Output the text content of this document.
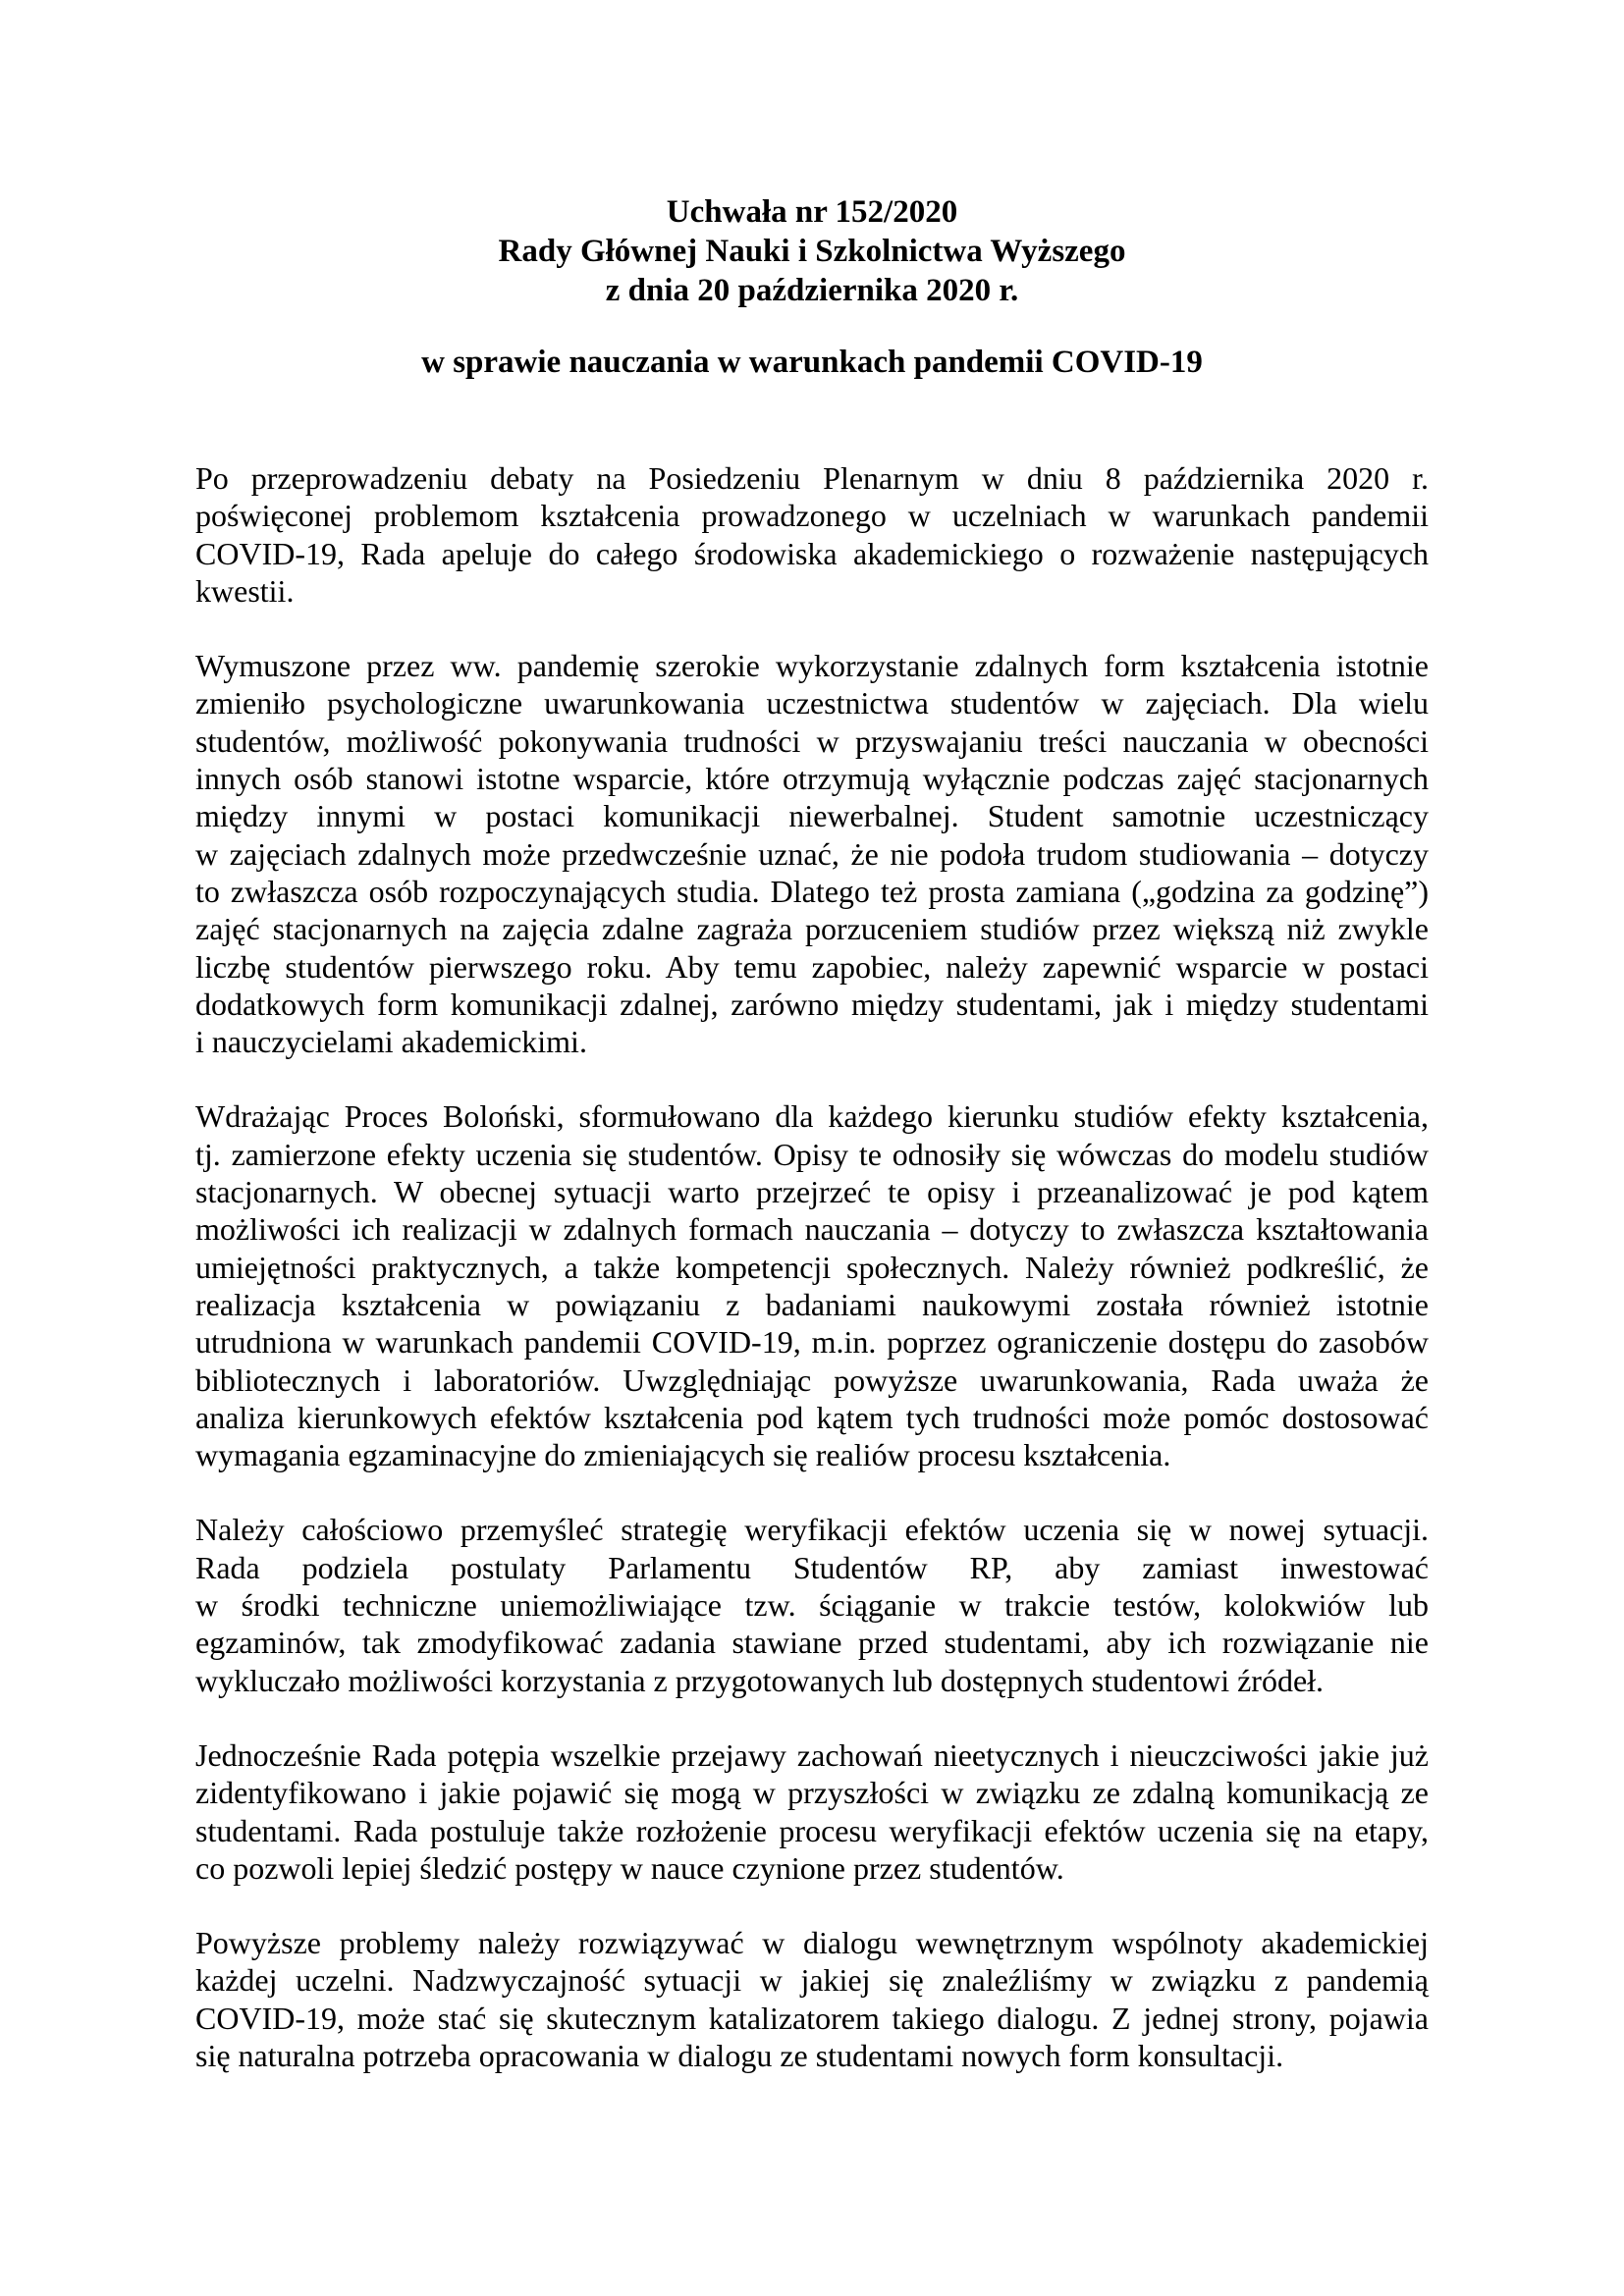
Uchwała nr 152/2020
Rady Głównej Nauki i Szkolnictwa Wyższego
z dnia 20 października 2020 r.
w sprawie nauczania w warunkach pandemii COVID-19
Po przeprowadzeniu debaty na Posiedzeniu Plenarnym w dniu 8 października 2020 r.
poświęconej problemom kształcenia prowadzonego w uczelniach w warunkach pandemii
COVID-19, Rada apeluje do całego środowiska akademickiego o rozważenie następujących
kwestii.
Wymuszone przez ww. pandemię szerokie wykorzystanie zdalnych form kształcenia istotnie
zmieniło psychologiczne uwarunkowania uczestnictwa studentów w zajęciach. Dla wielu
studentów, możliwość pokonywania trudności w przyswajaniu treści nauczania w obecności
innych osób stanowi istotne wsparcie, które otrzymują wyłącznie podczas zajęć stacjonarnych
między innymi w postaci komunikacji niewerbalnej. Student samotnie uczestniczący
w zajęciach zdalnych może przedwcześnie uznać, że nie podoła trudom studiowania – dotyczy
to zwłaszcza osób rozpoczynających studia. Dlatego też prosta zamiana („godzina za godzinę”)
zajęć stacjonarnych na zajęcia zdalne zagraża porzuceniem studiów przez większą niż zwykle
liczbę studentów pierwszego roku. Aby temu zapobiec, należy zapewnić wsparcie w postaci
dodatkowych form komunikacji zdalnej, zarówno między studentami, jak i między studentami
i nauczycielami akademickimi.
Wdrażając Proces Boloński, sformułowano dla każdego kierunku studiów efekty kształcenia,
tj. zamierzone efekty uczenia się studentów. Opisy te odnosiły się wówczas do modelu studiów
stacjonarnych. W obecnej sytuacji warto przejrzeć te opisy i przeanalizować je pod kątem
możliwości ich realizacji w zdalnych formach nauczania – dotyczy to zwłaszcza kształtowania
umiejętności praktycznych, a także kompetencji społecznych. Należy również podkreślić, że
realizacja kształcenia w powiązaniu z badaniami naukowymi została również istotnie
utrudniona w warunkach pandemii COVID-19, m.in. poprzez ograniczenie dostępu do zasobów
bibliotecznych i laboratoriów. Uwzględniając powyższe uwarunkowania, Rada uważa że
analiza kierunkowych efektów kształcenia pod kątem tych trudności może pomóc dostosować
wymagania egzaminacyjne do zmieniających się realiów procesu kształcenia.
Należy całościowo przemyśleć strategię weryfikacji efektów uczenia się w nowej sytuacji.
Rada podziela postulaty Parlamentu Studentów RP, aby zamiast inwestować
w środki techniczne uniemożliwiające tzw. ściąganie w trakcie testów, kolokwiów lub
egzaminów, tak zmodyfikować zadania stawiane przed studentami, aby ich rozwiązanie nie
wykluczało możliwości korzystania z przygotowanych lub dostępnych studentowi źródeł.
Jednocześnie Rada potępia wszelkie przejawy zachowań nieetycznych i nieuczciwości jakie już
zidentyfikowano i jakie pojawić się mogą w przyszłości w związku ze zdalną komunikacją ze
studentami. Rada postuluje także rozłożenie procesu weryfikacji efektów uczenia się na etapy,
co pozwoli lepiej śledzić postępy w nauce czynione przez studentów.
Powyższe problemy należy rozwiązywać w dialogu wewnętrznym wspólnoty akademickiej
każdej uczelni. Nadzwyczajność sytuacji w jakiej się znaleźliśmy w związku z pandemią
COVID-19, może stać się skutecznym katalizatorem takiego dialogu. Z jednej strony, pojawia
się naturalna potrzeba opracowania w dialogu ze studentami nowych form konsultacji.
